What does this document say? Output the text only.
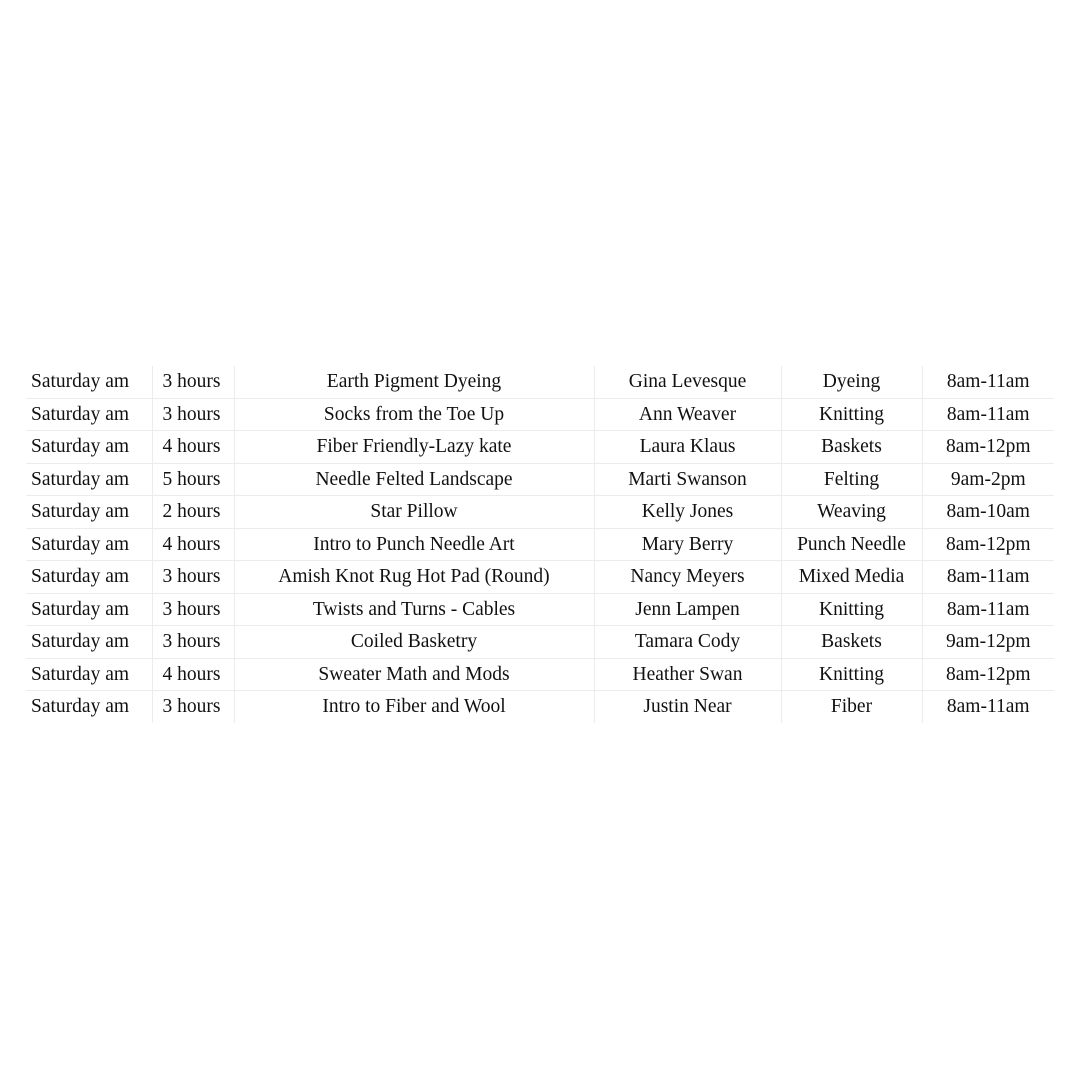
Saturday am	3 hours	Earth Pigment Dyeing	Gina Levesque	Dyeing	8am-11am
Saturday am	3 hours	Socks from the Toe Up	Ann Weaver	Knitting	8am-11am
Saturday am	4 hours	Fiber Friendly-Lazy kate	Laura Klaus	Baskets	8am-12pm
Saturday am	5 hours	Needle Felted Landscape	Marti Swanson	Felting	9am-2pm
Saturday am	2 hours	Star Pillow	Kelly Jones	Weaving	8am-10am
Saturday am	4 hours	Intro to Punch Needle Art	Mary Berry	Punch Needle	8am-12pm
Saturday am	3 hours	Amish Knot Rug Hot Pad (Round)	Nancy Meyers	Mixed Media	8am-11am
Saturday am	3 hours	Twists and Turns - Cables	Jenn Lampen	Knitting	8am-11am
Saturday am	3 hours	Coiled Basketry	Tamara Cody	Baskets	9am-12pm
Saturday am	4 hours	Sweater Math and Mods	Heather Swan	Knitting	8am-12pm
Saturday am	3 hours	Intro to Fiber and Wool	Justin Near	Fiber	8am-11am
